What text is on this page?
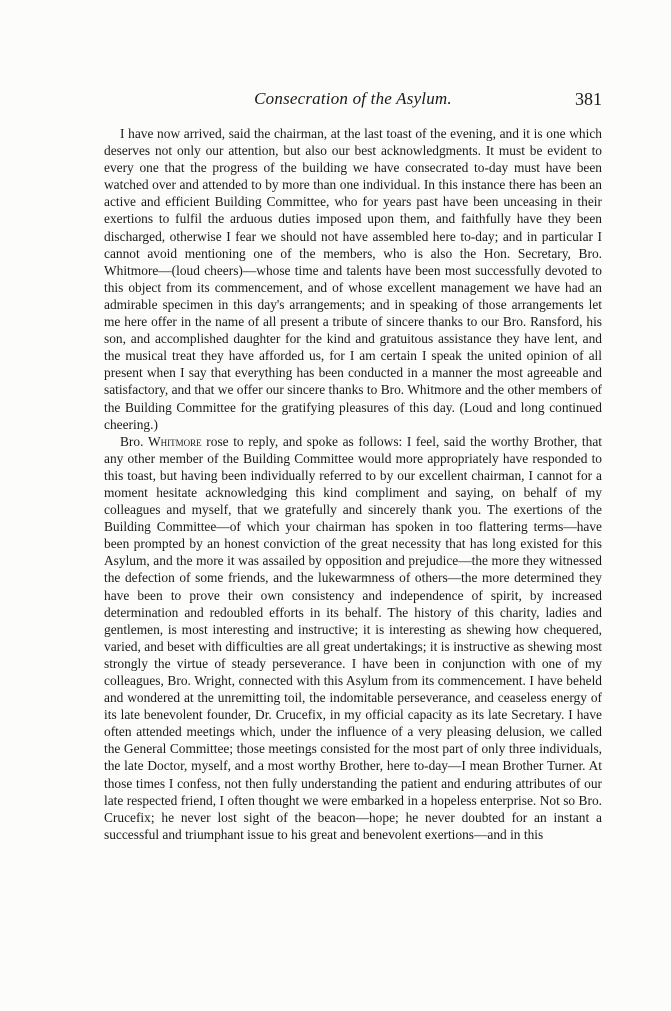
Consecration of the Asylum.	381

I have now arrived, said the chairman, at the last toast of the evening, and it is one which deserves not only our attention, but also our best acknowledgments. It must be evident to every one that the progress of the building we have consecrated to-day must have been watched over and attended to by more than one individual. In this instance there has been an active and efficient Building Committee, who for years past have been unceasing in their exertions to fulfil the arduous duties imposed upon them, and faithfully have they been discharged, otherwise I fear we should not have assembled here to-day; and in particular I cannot avoid mentioning one of the members, who is also the Hon. Secretary, Bro. Whitmore—(loud cheers)—whose time and talents have been most successfully devoted to this object from its commencement, and of whose excellent management we have had an admirable specimen in this day's arrangements; and in speaking of those arrangements let me here offer in the name of all present a tribute of sincere thanks to our Bro. Ransford, his son, and accomplished daughter for the kind and gratuitous assistance they have lent, and the musical treat they have afforded us, for I am certain I speak the united opinion of all present when I say that everything has been conducted in a manner the most agreeable and satisfactory, and that we offer our sincere thanks to Bro. Whitmore and the other members of the Building Committee for the gratifying pleasures of this day. (Loud and long continued cheering.)

Bro. Whitmore rose to reply, and spoke as follows: I feel, said the worthy Brother, that any other member of the Building Committee would more appropriately have responded to this toast, but having been individually referred to by our excellent chairman, I cannot for a moment hesitate acknowledging this kind compliment and saying, on behalf of my colleagues and myself, that we gratefully and sincerely thank you. The exertions of the Building Committee—of which your chairman has spoken in too flattering terms—have been prompted by an honest conviction of the great necessity that has long existed for this Asylum, and the more it was assailed by opposition and prejudice—the more they witnessed the defection of some friends, and the lukewarmness of others—the more determined they have been to prove their own consistency and independence of spirit, by increased determination and redoubled efforts in its behalf. The history of this charity, ladies and gentlemen, is most interesting and instructive; it is interesting as shewing how chequered, varied, and beset with difficulties are all great undertakings; it is instructive as shewing most strongly the virtue of steady perseverance. I have been in conjunction with one of my colleagues, Bro. Wright, connected with this Asylum from its commencement. I have beheld and wondered at the unremitting toil, the indomitable perseverance, and ceaseless energy of its late benevolent founder, Dr. Crucefix, in my official capacity as its late Secretary. I have often attended meetings which, under the influence of a very pleasing delusion, we called the General Committee; those meetings consisted for the most part of only three individuals, the late Doctor, myself, and a most worthy Brother, here to-day—I mean Brother Turner. At those times I confess, not then fully understanding the patient and enduring attributes of our late respected friend, I often thought we were embarked in a hopeless enterprise. Not so Bro. Crucefix; he never lost sight of the beacon—hope; he never doubted for an instant a successful and triumphant issue to his great and benevolent exertions—and in this
